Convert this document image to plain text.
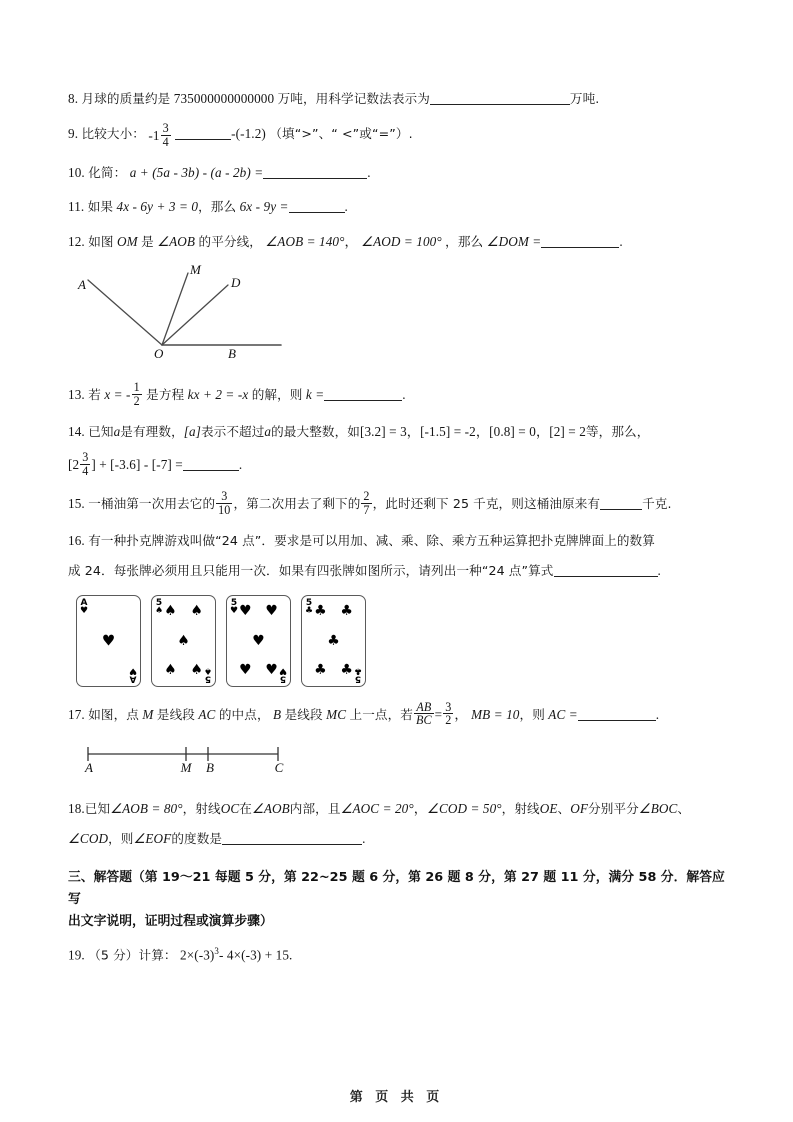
8. 月球的质量约是 735000000000000 万吨，用科学记数法表示为	万吨.
9. 比较大小： $-1 \frac{3}{4}$	-(-1.2) （填“>”、“ <”或“=”）.
10. 化简： a + (5a - 3b) - (a - 2b) =	.
11. 如果 4x - 6y + 3 = 0，那么 6x - 9y =	.
12. 如图 OM 是 ∠AOB 的平分线， ∠AOB = 140°， ∠AOD = 100° ，那么 ∠DOM =	.
A
M
D
O	B
13. 若 x = - $\frac{1}{2}$ 是方程 kx + 2 = -x 的解，则 k =	.
14. 已知a是有理数，[a]表示不超过a的最大整数，如[3.2] = 3，[-1.5] = -2，[0.8] = 0，[2] = 2等，那么，
[$2 \frac{3}{4}$ ] + [-3.6] - [-7] =	.
15. 一桶油第一次用去它的 $\frac{3}{10}$ ，第二次用去了剩下的 $\frac{2}{7}$ ，此时还剩下 25 千克，则这桶油原来有	千克.
16. 有一种扑克牌游戏叫做“24 点”．要求是可以用加、减、乘、除、乘方五种运算把扑克牌牌面上的数算
成 24．每张牌必须用且只能用一次．如果有四张牌如图所示，请列出一种“24 点”算式	.
A
♥
A
♥
♥
5
♠
5
♠
♠ ♠
♠
♠ ♠
5
♥
5
♥
♥ ♥
♥
♥ ♥
5
♣
5
♣
♣ ♣
♣
♣ ♣
17. 如图，点 M 是线段 AC 的中点， B 是线段 MC 上一点，若 $\frac{AB}{BC} = \frac{3}{2}$ ， MB = 10，则 AC =	.
A	M B	C
18.已知∠AOB = 80°，射线OC在∠AOB内部，且∠AOC = 20°，∠COD = 50°，射线OE、OF分别平分∠BOC、
∠COD，则∠EOF的度数是	.
三、解答题（第 19～21 每题 5 分，第 22~25 题 6 分，第 26 题 8 分，第 27 题 11 分，满分 58 分．解答应写
出文字说明，证明过程或演算步骤）
19. （5 分）计算： $2\times(-3)^3-$ 4×(-3) + 15.
第 页 共 页
